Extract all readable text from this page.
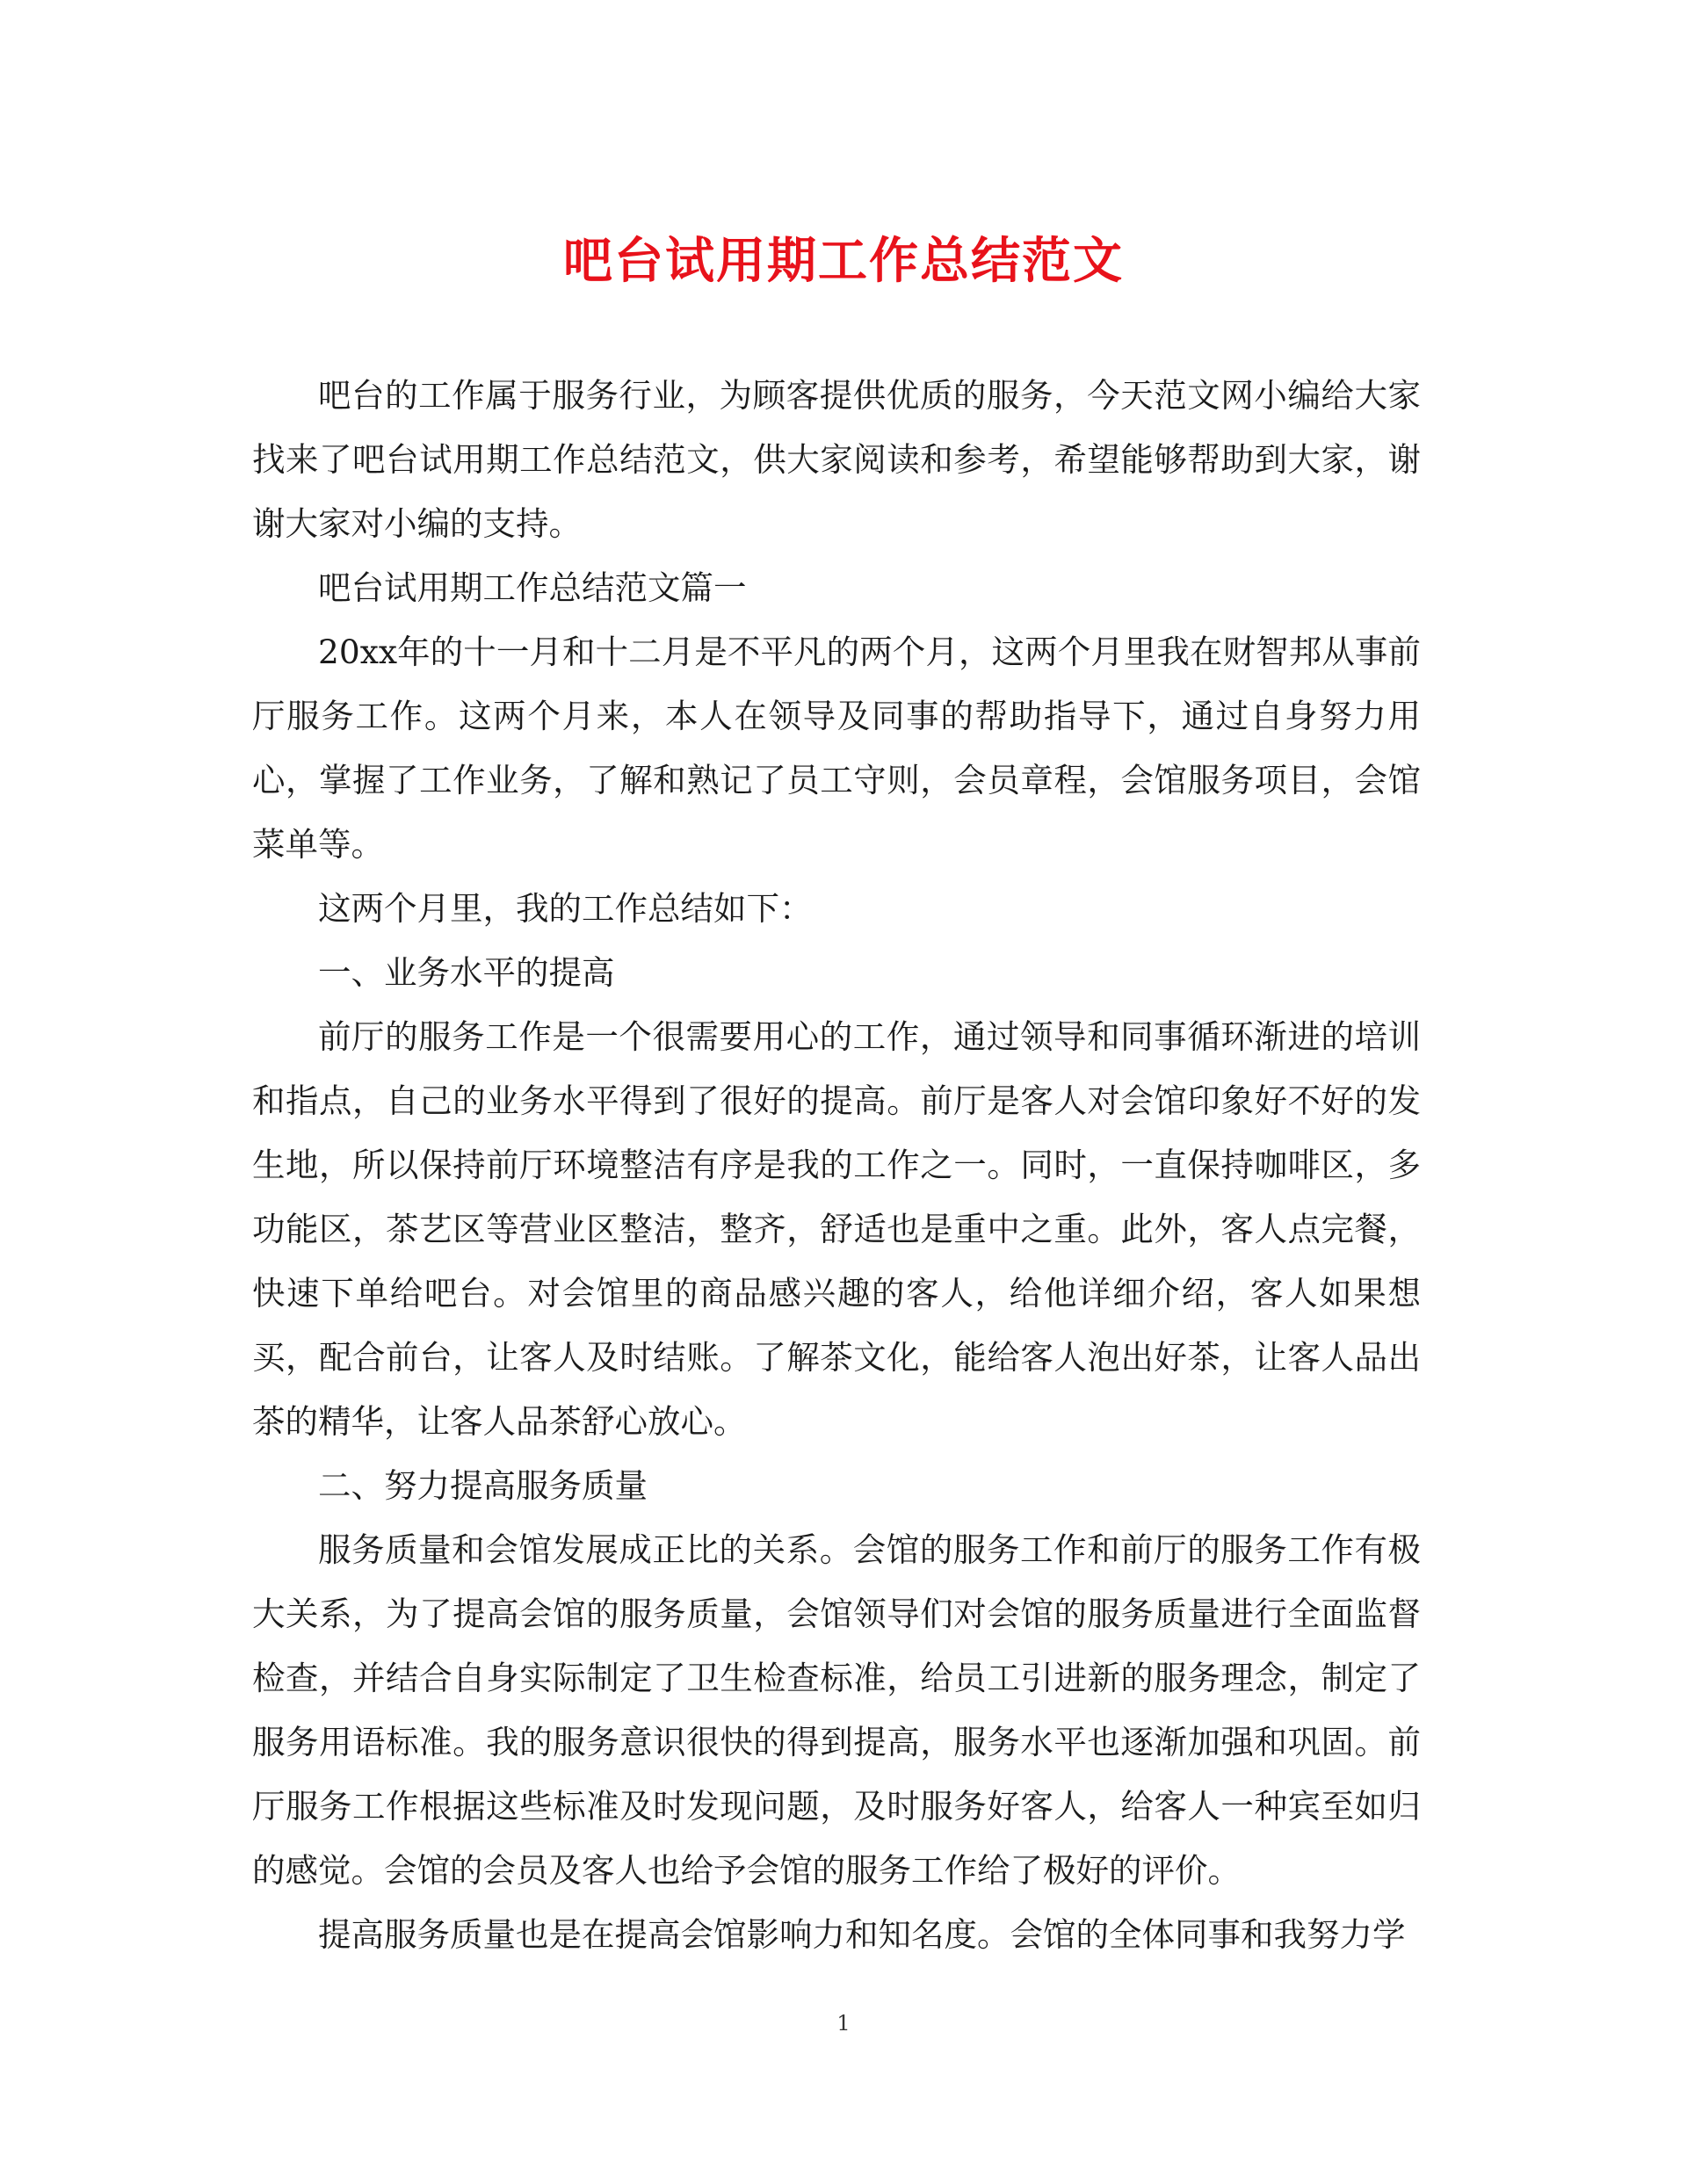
吧台试用期工作总结范文

吧台的工作属于服务行业，为顾客提供优质的服务，今天范文网小编给大家找来了吧台试用期工作总结范文，供大家阅读和参考，希望能够帮助到大家，谢谢大家对小编的支持。

吧台试用期工作总结范文篇一

20xx年的十一月和十二月是不平凡的两个月，这两个月里我在财智邦从事前厅服务工作。这两个月来，本人在领导及同事的帮助指导下，通过自身努力用心，掌握了工作业务，了解和熟记了员工守则，会员章程，会馆服务项目，会馆菜单等。

这两个月里，我的工作总结如下：

一、业务水平的提高

前厅的服务工作是一个很需要用心的工作，通过领导和同事循环渐进的培训和指点，自己的业务水平得到了很好的提高。前厅是客人对会馆印象好不好的发生地，所以保持前厅环境整洁有序是我的工作之一。同时，一直保持咖啡区，多功能区，茶艺区等营业区整洁，整齐，舒适也是重中之重。此外，客人点完餐，快速下单给吧台。对会馆里的商品感兴趣的客人，给他详细介绍，客人如果想买，配合前台，让客人及时结账。了解茶文化，能给客人泡出好茶，让客人品出茶的精华，让客人品茶舒心放心。

二、努力提高服务质量

服务质量和会馆发展成正比的关系。会馆的服务工作和前厅的服务工作有极大关系，为了提高会馆的服务质量，会馆领导们对会馆的服务质量进行全面监督检查，并结合自身实际制定了卫生检查标准，给员工引进新的服务理念，制定了服务用语标准。我的服务意识很快的得到提高，服务水平也逐渐加强和巩固。前厅服务工作根据这些标准及时发现问题，及时服务好客人，给客人一种宾至如归的感觉。会馆的会员及客人也给予会馆的服务工作给了极好的评价。

提高服务质量也是在提高会馆影响力和知名度。会馆的全体同事和我努力学

1
